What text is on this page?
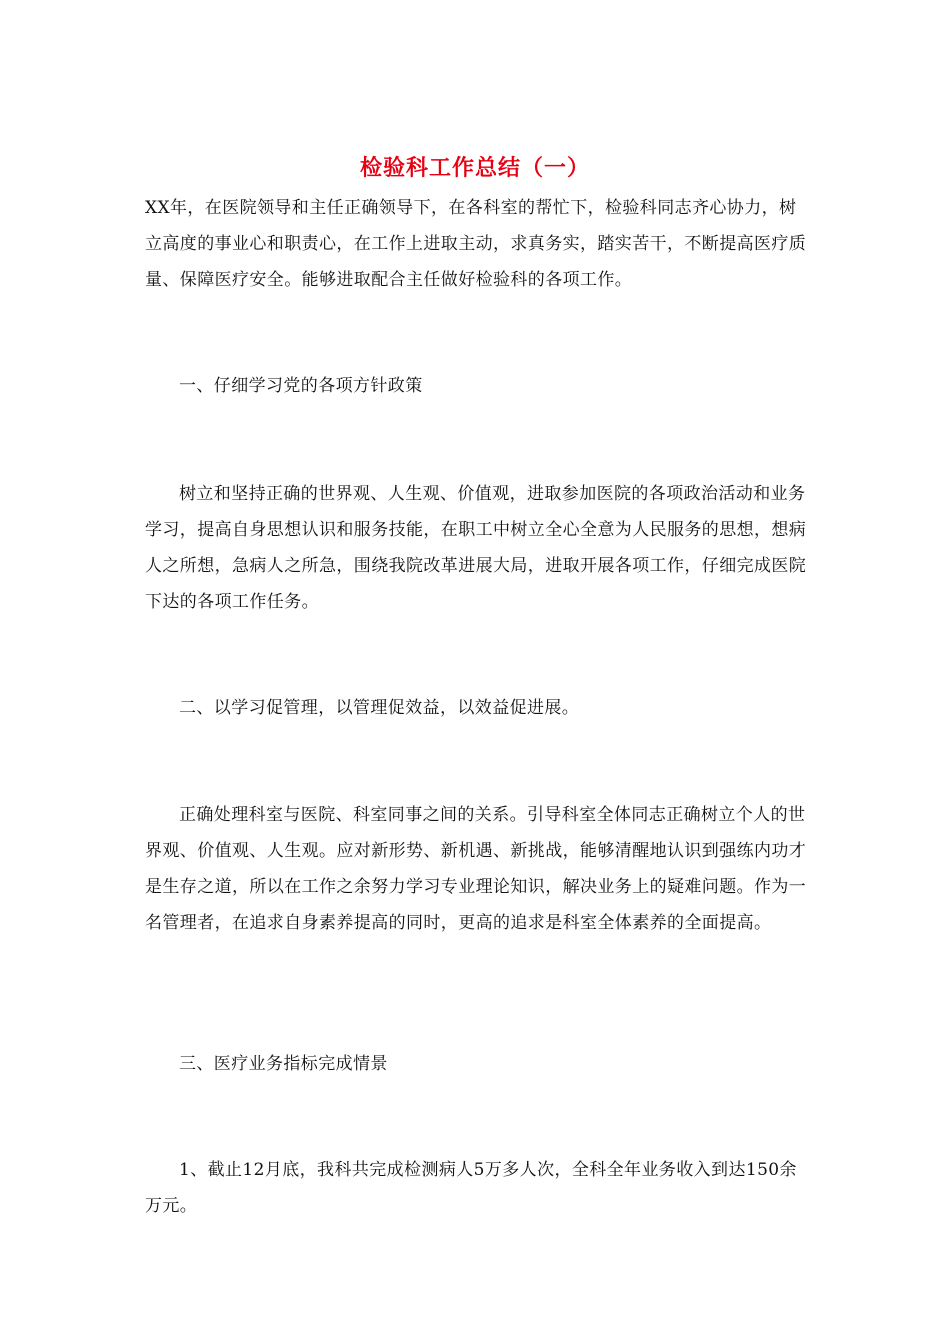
检验科工作总结（一）

XX年，在医院领导和主任正确领导下，在各科室的帮忙下，检验科同志齐心协力，树立高度的事业心和职责心，在工作上进取主动，求真务实，踏实苦干，不断提高医疗质量、保障医疗安全。能够进取配合主任做好检验科的各项工作。

一、仔细学习党的各项方针政策

树立和坚持正确的世界观、人生观、价值观，进取参加医院的各项政治活动和业务学习，提高自身思想认识和服务技能，在职工中树立全心全意为人民服务的思想，想病人之所想，急病人之所急，围绕我院改革进展大局，进取开展各项工作，仔细完成医院下达的各项工作任务。

二、以学习促管理，以管理促效益，以效益促进展。

正确处理科室与医院、科室同事之间的关系。引导科室全体同志正确树立个人的世界观、价值观、人生观。应对新形势、新机遇、新挑战，能够清醒地认识到强练内功才是生存之道，所以在工作之余努力学习专业理论知识，解决业务上的疑难问题。作为一名管理者，在追求自身素养提高的同时，更高的追求是科室全体素养的全面提高。

三、医疗业务指标完成情景

1、截止12月底，我科共完成检测病人5万多人次，全科全年业务收入到达150余万元。
